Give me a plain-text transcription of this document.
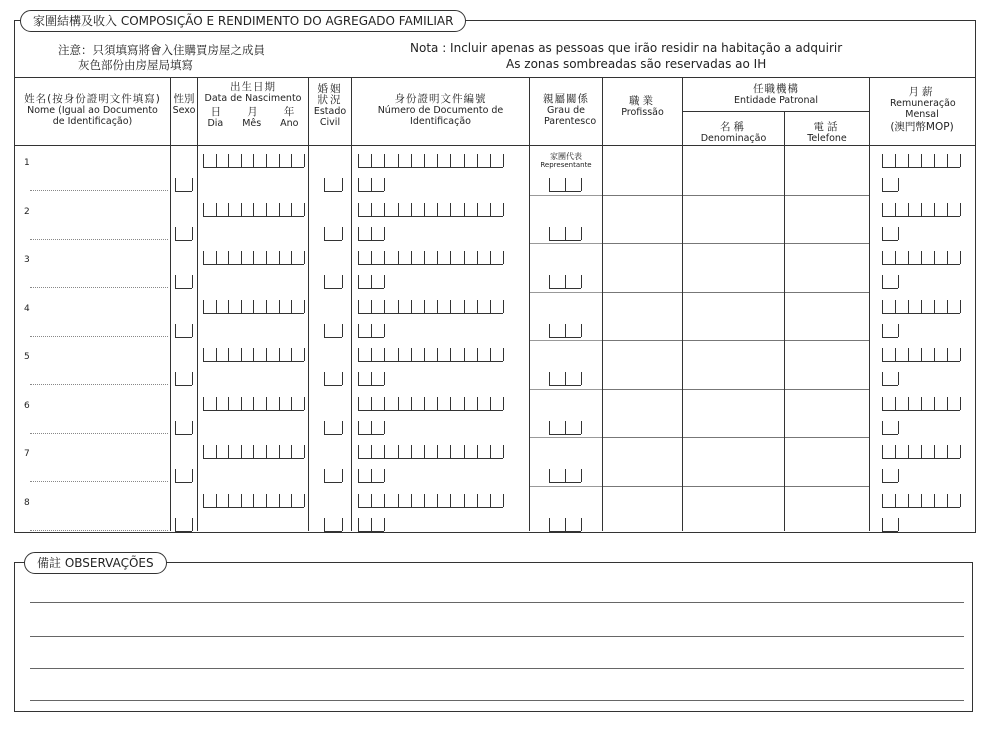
家圍結構及收入 COMPOSIÇÃO E RENDIMENTO DO AGREGADO FAMILIAR
注意：只須填寫將會入住購買房屋之成員
灰色部份由房屋局填寫
Nota : Incluir apenas as pessoas que irão residir na habitação a adquirir
As zonas sombreadas são reservadas ao IH
姓名(按身份證明文件填寫)
Nome (Igual ao Documento de Identificação)
性別
Sexo
出生日期
Data de Nascimento
日 月 年
Dia Mês Ano
婚姻狀況
Estado Civil
身份證明文件編號
Número de Documento de Identificação
親屬關係
Grau de Parentesco
職業
Profissão
任職機構
Entidade Patronal
名稱
Denominação
電話
Telefone
月薪
Remuneração Mensal
(澳門幣MOP)
家團代表
Representante
1
2
3
4
5
6
7
8
備註 OBSERVAÇÕES
